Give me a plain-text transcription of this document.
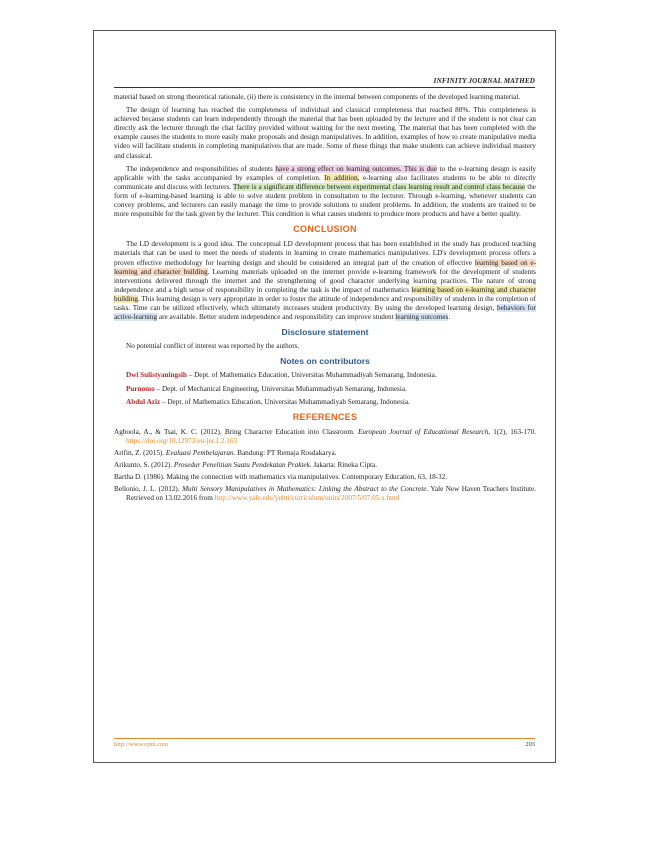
INFINITY JOURNAL MATHED

material based on strong theoretical rationale, (ii) there is consistency in the internal between components of the developed learning material.

The design of learning has reached the completeness of individual and classical completeness that reached 80%. This completeness is achieved because students can learn independently through the material that has been uploaded by the lecturer and if the student is not clear can directly ask the lecturer through the chat facility provided without waiting for the next meeting. The material that has been completed with the example causes the students to more easily make proposals and design manipulatives. In addition, examples of how to create manipulative media video will facilitate students in completing manipulatives that are made. Some of these things that make students can achieve individual mastery and classical.

The independence and responsibilities of students have a strong effect on learning outcomes. This is due to the e-learning design is easily applicable with the tasks accompanied by examples of completion. In addition, e-learning also facilitates students to be able to directly communicate and discuss with lecturers. There is a significant difference between experimental class learning result and control class because the form of e-learning-based learning is able to solve student problem in consultation to the lecturer. Through e-learning, whenever students can convey problems, and lecturers can easily manage the time to provide solutions to student problems. In addition, the students are trained to be more responsible for the task given by the lecturer. This condition is what causes students to produce more products and have a better quality.

CONCLUSION

The LD development is a good idea. The conceptual LD development process that has been established in the study has produced teaching materials that can be used to meet the needs of students in learning to create mathematics manipulatives. LD's development process offers a proven effective methodology for learning design and should be considered an integral part of the creation of effective learning based on e-learning and character building. Learning materials uploaded on the internet provide e-learning framework for the development of students interventions delivered through the internet and the strengthening of good character underlying learning practices. The nature of strong independence and a high sense of responsibility in completing the task is the impact of mathematics learning based on e-learning and character building. This learning design is very appropriate in order to foster the attitude of independence and responsibility of students in the completion of tasks. Time can be utilized effectively, which ultimately increases student productivity. By using the developed learning design, behaviors for active-learning are available. Better student independence and responsibility can improve student learning outcomes.

Disclosure statement

No potential conflict of interest was reported by the authors.

Notes on contributors

Dwi Sulistyaningsih – Dept. of Mathematics Education, Universitas Muhammadiyah Semarang, Indonesia.

Purnomo – Dept. of Mechanical Engineering, Universitas Muhammadiyah Semarang, Indonesia.

Abdul Aziz – Dept. of Mathematics Education, Universitas Muhammadiyah Semarang, Indonesia.

REFERENCES

Agboola, A., & Tsai, K. C. (2012). Bring Character Education into Classroom. European Journal of Educational Research, 1(2), 163-170. https://doi.org/10.12973/eu-jer.1.2.163

Arifin, Z. (2015). Evaluasi Pembelajaran. Bandung: PT Remaja Rosdakarya.

Arikunto, S. (2012). Prosedur Penelitian Suatu Pendekatan Praktek. Jakarta: Rineka Cipta.

Bartha D. (1986). Making the connection with mathematics via manipulatives. Contemporary Education, 63, 18-32.

Bellonio, J. L. (2012). Multi Sensory Manipulatives in Mathematics: Linking the Abstract to the Concrete. Yale New Haven Teachers Institute. Retrieved on 13.02.2016 from http://www.yale.edu/ynhti/curriculum/units/2007/5/07.05.x.html

http://www.ejmi.com	203
